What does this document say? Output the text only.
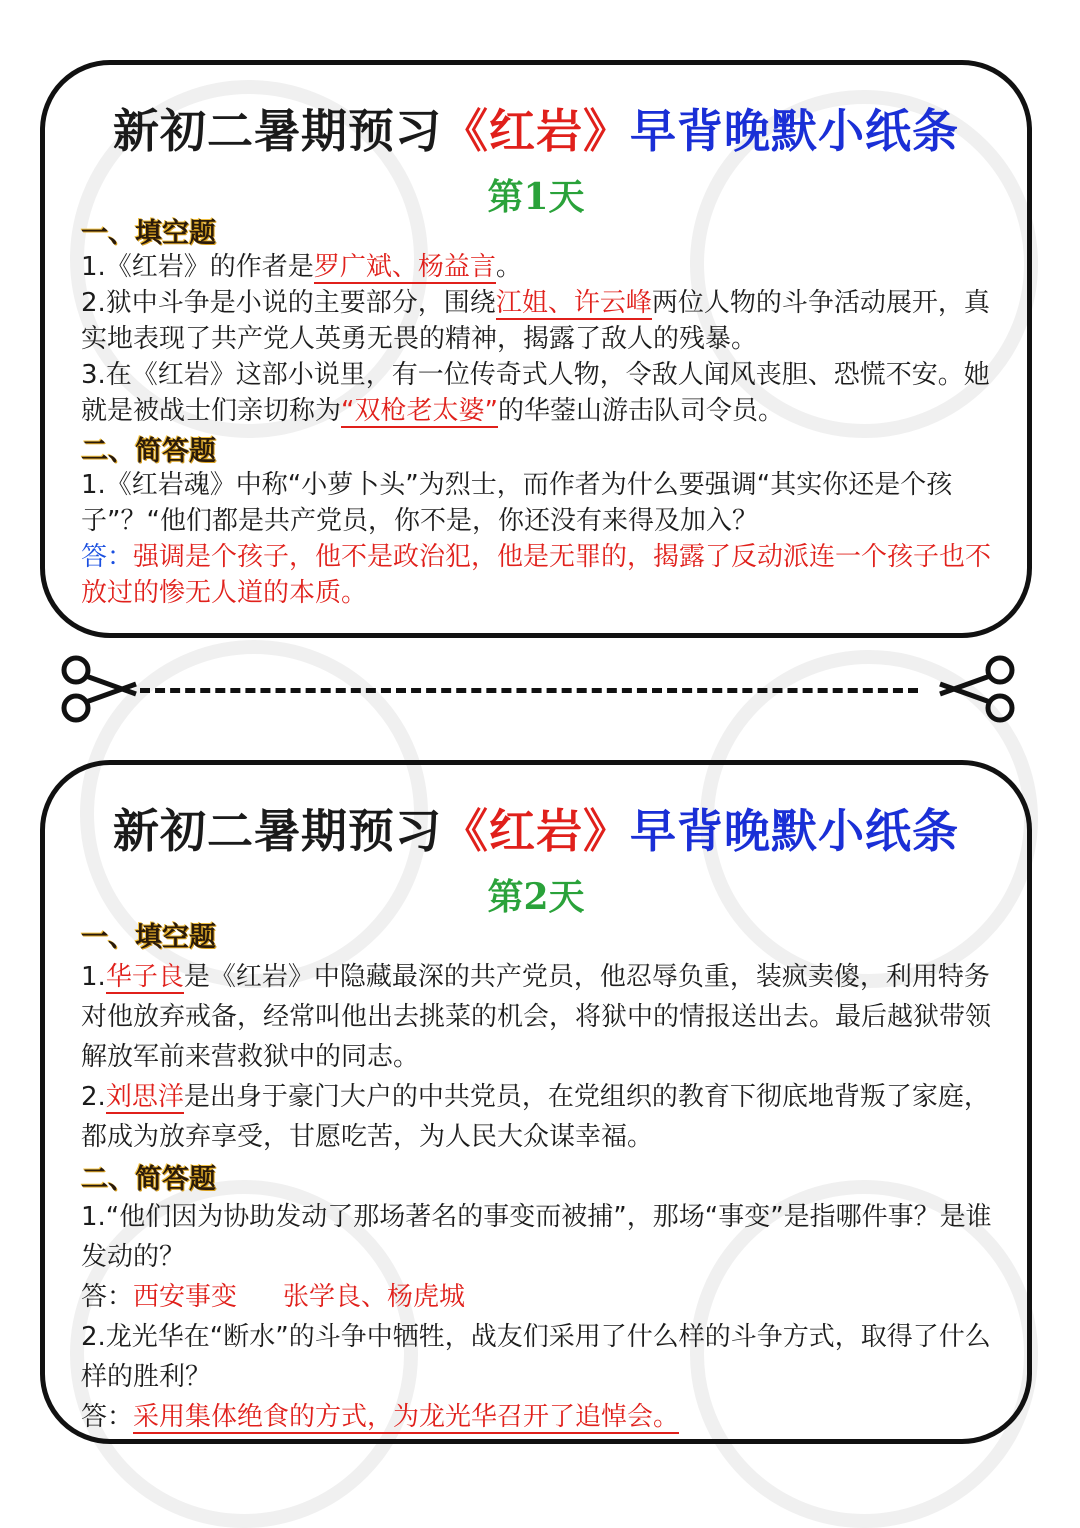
新初二暑期预习《红岩》早背晚默小纸条
第1天
一、填空题
1.《红岩》的作者是罗广斌、杨益言。
2.狱中斗争是小说的主要部分，围绕江姐、许云峰两位人物的斗争活动展开，真实地表现了共产党人英勇无畏的精神，揭露了敌人的残暴。
3.在《红岩》这部小说里，有一位传奇式人物，令敌人闻风丧胆、恐慌不安。她就是被战士们亲切称为“双枪老太婆”的华蓥山游击队司令员。
二、简答题
1.《红岩魂》中称“小萝卜头”为烈士，而作者为什么要强调“其实你还是个孩子”？“他们都是共产党员，你不是，你还没有来得及加入？
答：强调是个孩子，他不是政治犯，他是无罪的，揭露了反动派连一个孩子也不放过的惨无人道的本质。
新初二暑期预习《红岩》早背晚默小纸条
第2天
一、填空题
1.华子良是《红岩》中隐藏最深的共产党员，他忍辱负重，装疯卖傻，利用特务对他放弃戒备，经常叫他出去挑菜的机会，将狱中的情报送出去。最后越狱带领解放军前来营救狱中的同志。
2.刘思洋是出身于豪门大户的中共党员，在党组织的教育下彻底地背叛了家庭，都成为放弃享受，甘愿吃苦，为人民大众谋幸福。
二、简答题
1.“他们因为协助发动了那场著名的事变而被捕”，那场“事变”是指哪件事？是谁发动的？
答：西安事变 张学良、杨虎城
2.龙光华在“断水”的斗争中牺牲，战友们采用了什么样的斗争方式，取得了什么样的胜利？
答：采用集体绝食的方式，为龙光华召开了追悼会。
